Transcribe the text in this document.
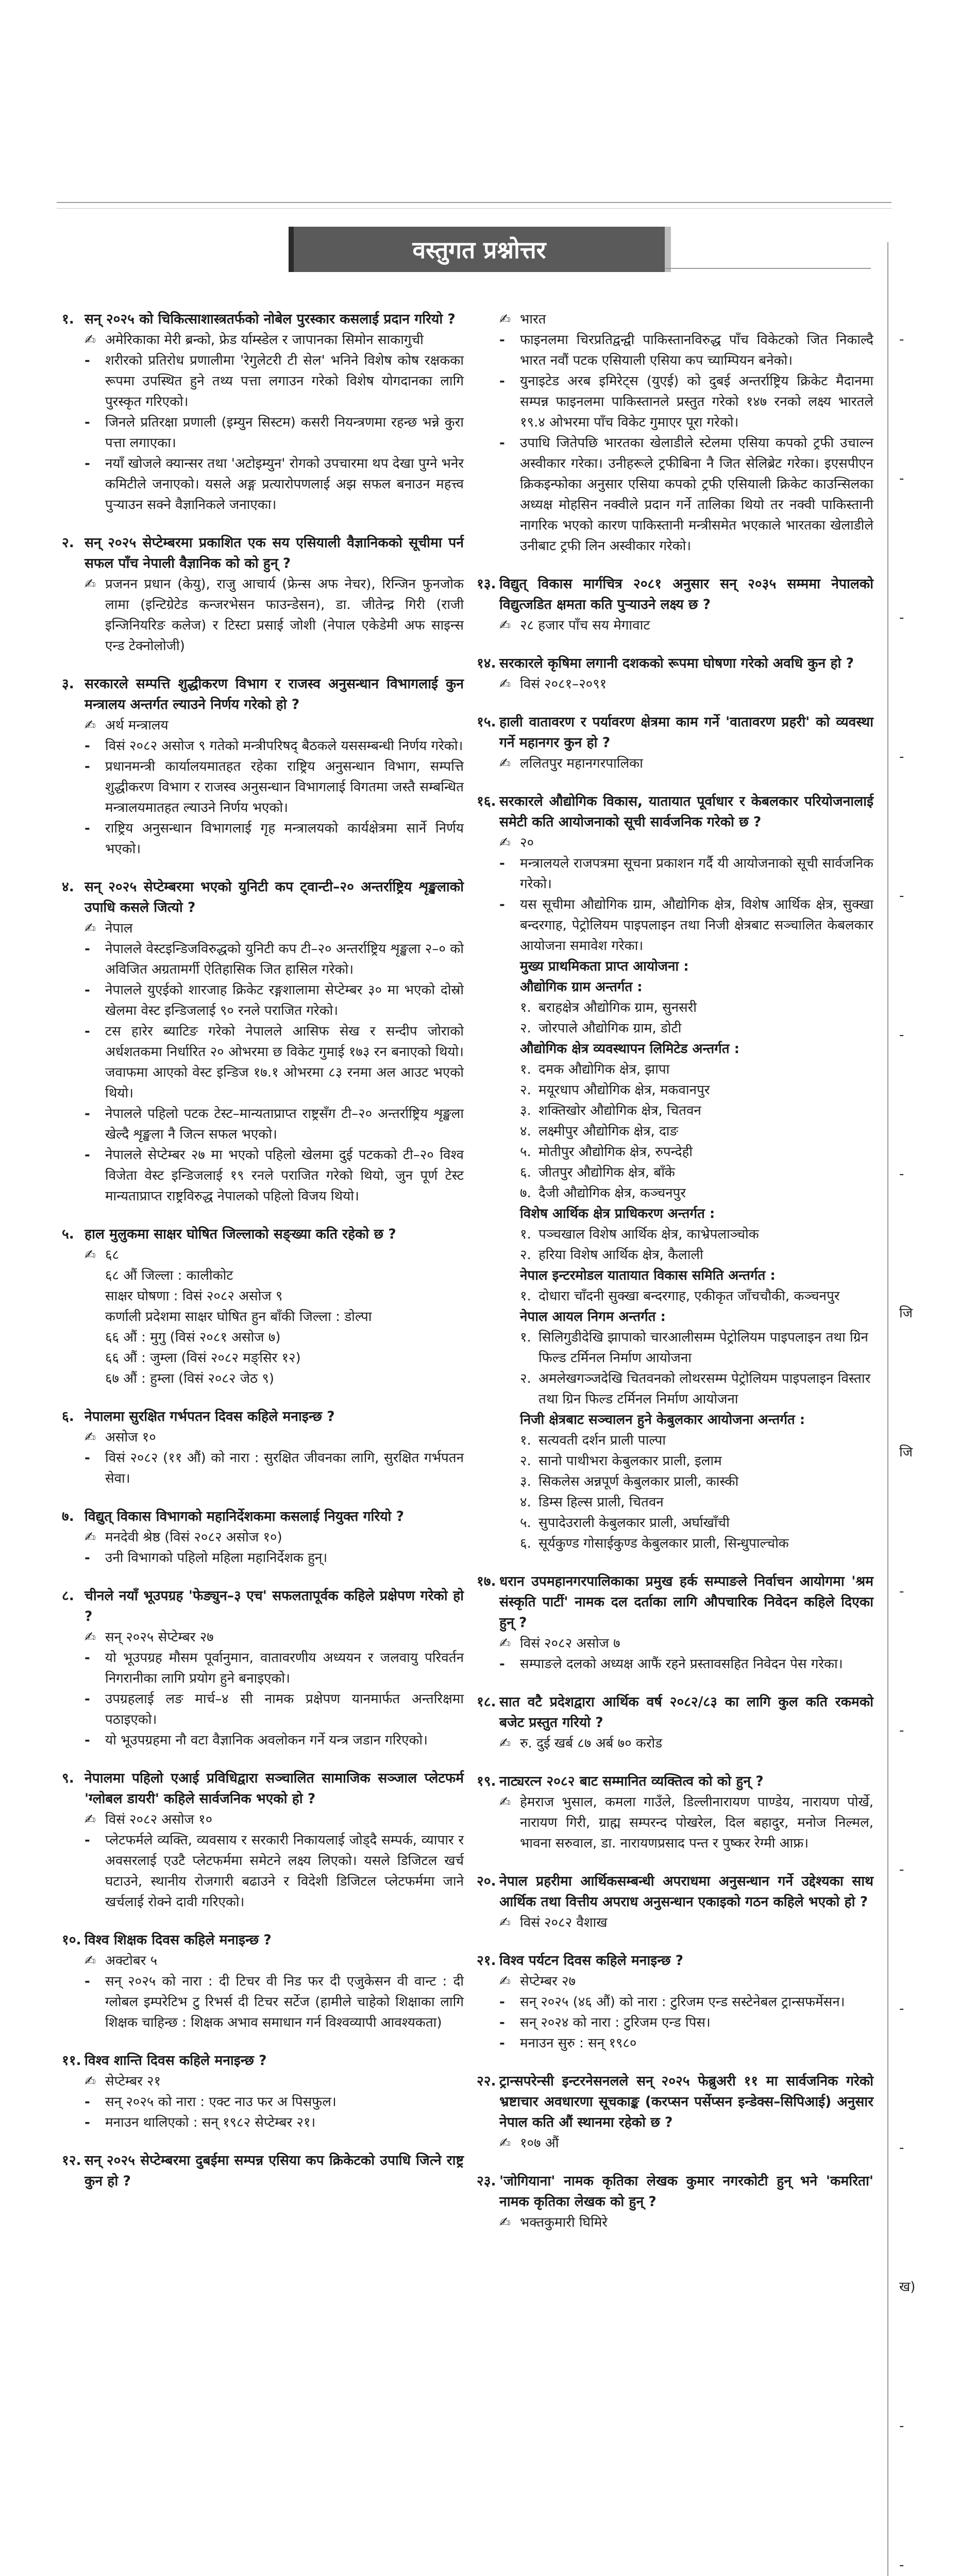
वस्तुगत प्रश्नोत्तर
-
-
-
-
-
-
-
जि
जि
-
-
-
-
-
ख)
-
-
१. सन् २०२५ को चिकित्साशास्त्रतर्फको नोबेल पुरस्कार कसलाई प्रदान गरियो ?
✍ अमेरिकाका मेरी ब्रन्को, फ्रेड र्याम्स्डेल र जापानका सिमोन साकागुची
-	शरीरको प्रतिरोध प्रणालीमा 'रेगुलेटरी टी सेल' भनिने विशेष कोष रक्षकका रूपमा उपस्थित हुने तथ्य पत्ता लगाउन गरेको विशेष योगदानका लागि पुरस्कृत गरिएको।
-	जिनले प्रतिरक्षा प्रणाली (इम्युन सिस्टम) कसरी नियन्त्रणमा रहन्छ भन्ने कुरा पत्ता लगाएका।
-	नयाँ खोजले क्यान्सर तथा 'अटोइम्युन' रोगको उपचारमा थप देखा पुग्ने भनेर कमिटीले जनाएको। यसले अङ्ग प्रत्यारोपणलाई अझ सफल बनाउन महत्त्व पुऱ्याउन सक्ने वैज्ञानिकले जनाएका।
२. सन् २०२५ सेप्टेम्बरमा प्रकाशित एक सय एसियाली वैज्ञानिकको सूचीमा पर्न सफल पाँच नेपाली वैज्ञानिक को को हुन् ?
✍ प्रजनन प्रधान (केयु), राजु आचार्य (फ्रेन्स अफ नेचर), रिन्जिन फुनजोक लामा (इन्टिग्रेटेड कन्जरभेसन फाउन्डेसन), डा. जीतेन्द्र गिरी (राजी इन्जिनियरिङ कलेज) र टिस्टा प्रसाई जोशी (नेपाल एकेडेमी अफ साइन्स एन्ड टेक्नोलोजी)
३. सरकारले सम्पत्ति शुद्धीकरण विभाग र राजस्व अनुसन्धान विभागलाई कुन मन्त्रालय अन्तर्गत ल्याउने निर्णय गरेको हो ?
✍ अर्थ मन्त्रालय
-	विसं २०८२ असोज ९ गतेको मन्त्रीपरिषद् बैठकले यससम्बन्धी निर्णय गरेको।
-	प्रधानमन्त्री कार्यालयमातहत रहेका राष्ट्रिय अनुसन्धान विभाग, सम्पत्ति शुद्धीकरण विभाग र राजस्व अनुसन्धान विभागलाई विगतमा जस्तै सम्बन्धित मन्त्रालयमातहत ल्याउने निर्णय भएको।
-	राष्ट्रिय अनुसन्धान विभागलाई गृह मन्त्रालयको कार्यक्षेत्रमा सार्ने निर्णय भएको।
४. सन् २०२५ सेप्टेम्बरमा भएको युनिटी कप ट्वान्टी–२० अन्तर्राष्ट्रिय शृङ्खलाको उपाधि कसले जित्यो ?
✍ नेपाल
-	नेपालले वेस्टइन्डिजविरुद्धको युनिटी कप टी–२० अन्तर्राष्ट्रिय शृङ्खला २–० को अविजित अग्रतामर्गी ऐतिहासिक जित हासिल गरेको।
-	नेपालले युएईको शारजाह क्रिकेट रङ्गशालामा सेप्टेम्बर ३० मा भएको दोस्रो खेलमा वेस्ट इन्डिजलाई ९० रनले पराजित गरेको।
-	टस हारेर ब्याटिङ गरेको नेपालले आसिफ सेख र सन्दीप जोराको अर्धशतकमा निर्धारित २० ओभरमा छ विकेट गुमाई १७३ रन बनाएको थियो। जवाफमा आएको वेस्ट इन्डिज १७.१ ओभरमा ८३ रनमा अल आउट भएको थियो।
-	नेपालले पहिलो पटक टेस्ट–मान्यताप्राप्त राष्ट्रसँग टी–२० अन्तर्राष्ट्रिय शृङ्खला खेल्दै शृङ्खला नै जित्न सफल भएको।
-	नेपालले सेप्टेम्बर २७ मा भएको पहिलो खेलमा दुई पटकको टी–२० विश्व विजेता वेस्ट इन्डिजलाई १९ रनले पराजित गरेको थियो, जुन पूर्ण टेस्ट मान्यताप्राप्त राष्ट्रविरुद्ध नेपालको पहिलो विजय थियो।
५. हाल मुलुकमा साक्षर घोषित जिल्लाको सङ्ख्या कति रहेको छ ?
✍ ६८
६८ औं जिल्ला : कालीकोट
साक्षर घोषणा : विसं २०८२ असोज ९
कर्णाली प्रदेशमा साक्षर घोषित हुन बाँकी जिल्ला : डोल्पा
६६ औं : मुगु (विसं २०८१ असोज ७)
६६ औं : जुम्ला (विसं २०८२ मङ्सिर १२)
६७ औं : हुम्ला (विसं २०८२ जेठ ९)
६. नेपालमा सुरक्षित गर्भपतन दिवस कहिले मनाइन्छ ?
✍ असोज १०
-	विसं २०८२ (११ औं) को नारा : सुरक्षित जीवनका लागि, सुरक्षित गर्भपतन सेवा।
७. विद्युत् विकास विभागको महानिर्देशकमा कसलाई नियुक्त गरियो ?
✍ मनदेवी श्रेष्ठ (विसं २०८२ असोज १०)
-	उनी विभागको पहिलो महिला महानिर्देशक हुन्।
८. चीनले नयाँ भूउपग्रह 'फेङ्युन–३ एच' सफलतापूर्वक कहिले प्रक्षेपण गरेको हो ?
✍ सन् २०२५ सेप्टेम्बर २७
-	यो भूउपग्रह मौसम पूर्वानुमान, वातावरणीय अध्ययन र जलवायु परिवर्तन निगरानीका लागि प्रयोग हुने बनाइएको।
-	उपग्रहलाई लङ मार्च–४ सी नामक प्रक्षेपण यानमार्फत अन्तरिक्षमा पठाइएको।
-	यो भूउपग्रहमा नौ वटा वैज्ञानिक अवलोकन गर्ने यन्त्र जडान गरिएको।
९. नेपालमा पहिलो एआई प्रविधिद्वारा सञ्चालित सामाजिक सञ्जाल प्लेटफर्म 'ग्लोबल डायरी' कहिले सार्वजनिक भएको हो ?
✍ विसं २०८२ असोज १०
-	प्लेटफर्मले व्यक्ति, व्यवसाय र सरकारी निकायलाई जोड्दै सम्पर्क, व्यापार र अवसरलाई एउटै प्लेटफर्ममा समेटने लक्ष्य लिएको। यसले डिजिटल खर्च घटाउने, स्थानीय रोजगारी बढाउने र विदेशी डिजिटल प्लेटफर्ममा जाने खर्चलाई रोक्ने दावी गरिएको।
१०. विश्व शिक्षक दिवस कहिले मनाइन्छ ?
✍ अक्टोबर ५
-	सन् २०२५ को नारा : दी टिचर वी निड फर दी एजुकेसन वी वान्ट : दी ग्लोबल इम्परेटिभ टु रिभर्स दी टिचर सर्टेज (हामीले चाहेको शिक्षाका लागि शिक्षक चाहिन्छ : शिक्षक अभाव समाधान गर्न विश्वव्यापी आवश्यकता)
११. विश्व शान्ति दिवस कहिले मनाइन्छ ?
✍ सेप्टेम्बर २१
-	सन् २०२५ को नारा : एक्ट नाउ फर अ पिसफुल।
-	मनाउन थालिएको : सन् १९८२ सेप्टेम्बर २१।
१२. सन् २०२५ सेप्टेम्बरमा दुबईमा सम्पन्न एसिया कप क्रिकेटको उपाधि जित्ने राष्ट्र कुन हो ?
✍ भारत
-	फाइनलमा चिरप्रतिद्वन्द्वी पाकिस्तानविरुद्ध पाँच विकेटको जित निकाल्दै भारत नवौं पटक एसियाली एसिया कप च्याम्पियन बनेको।
-	युनाइटेड अरब इमिरेट्स (युएई) को दुबई अन्तर्राष्ट्रिय क्रिकेट मैदानमा सम्पन्न फाइनलमा पाकिस्तानले प्रस्तुत गरेको १४७ रनको लक्ष्य भारतले १९.४ ओभरमा पाँच विकेट गुमाएर पूरा गरेको।
-	उपाधि जितेपछि भारतका खेलाडीले स्टेलमा एसिया कपको ट्रफी उचाल्न अस्वीकार गरेका। उनीहरूले ट्रफीबिना नै जित सेलिब्रेट गरेका। इएसपीएन क्रिकइन्फोका अनुसार एसिया कपको ट्रफी एसियाली क्रिकेट काउन्सिलका अध्यक्ष मोहसिन नक्वीले प्रदान गर्ने तालिका थियो तर नक्वी पाकिस्तानी नागरिक भएको कारण पाकिस्तानी मन्त्रीसमेत भएकाले भारतका खेलाडीले उनीबाट ट्रफी लिन अस्वीकार गरेको।
१३. विद्युत् विकास मार्गचित्र २०८१ अनुसार सन् २०३५ सम्ममा नेपालको विद्युत्जडित क्षमता कति पुऱ्याउने लक्ष्य छ ?
✍ २८ हजार पाँच सय मेगावाट
१४. सरकारले कृषिमा लगानी दशकको रूपमा घोषणा गरेको अवधि कुन हो ?
✍ विसं २०८१–२०९१
१५. हाली वातावरण र पर्यावरण क्षेत्रमा काम गर्ने 'वातावरण प्रहरी' को व्यवस्था गर्ने महानगर कुन हो ?
✍ ललितपुर महानगरपालिका
१६. सरकारले औद्योगिक विकास, यातायात पूर्वाधार र केबलकार परियोजनालाई समेटी कति आयोजनाको सूची सार्वजनिक गरेको छ ?
✍ २०
-	मन्त्रालयले राजपत्रमा सूचना प्रकाशन गर्दै यी आयोजनाको सूची सार्वजनिक गरेको।
-	यस सूचीमा औद्योगिक ग्राम, औद्योगिक क्षेत्र, विशेष आर्थिक क्षेत्र, सुक्खा बन्दरगाह, पेट्रोलियम पाइपलाइन तथा निजी क्षेत्रबाट सञ्चालित केबलकार आयोजना समावेश गरेका।
मुख्य प्राथमिकता प्राप्त आयोजना :
औद्योगिक ग्राम अन्तर्गत :
१. बराहक्षेत्र औद्योगिक ग्राम, सुनसरी
२. जोरपाले औद्योगिक ग्राम, डोटी
औद्योगिक क्षेत्र व्यवस्थापन लिमिटेड अन्तर्गत :
१. दमक औद्योगिक क्षेत्र, झापा
२. मयूरधाप औद्योगिक क्षेत्र, मकवानपुर
३. शक्तिखोर औद्योगिक क्षेत्र, चितवन
४. लक्ष्मीपुर औद्योगिक क्षेत्र, दाङ
५. मोतीपुर औद्योगिक क्षेत्र, रुपन्देही
६. जीतपुर औद्योगिक क्षेत्र, बाँके
७. दैजी औद्योगिक क्षेत्र, कञ्चनपुर
विशेष आर्थिक क्षेत्र प्राधिकरण अन्तर्गत :
१. पञ्चखाल विशेष आर्थिक क्षेत्र, काभ्रेपलाञ्चोक
२. हरिया विशेष आर्थिक क्षेत्र, कैलाली
नेपाल इन्टरमोडल यातायात विकास समिति अन्तर्गत :
१. दोधारा चाँदनी सुक्खा बन्दरगाह, एकीकृत जाँचचौकी, कञ्चनपुर
नेपाल आयल निगम अन्तर्गत :
१. सिलिगुडीदेखि झापाको चारआलीसम्म पेट्रोलियम पाइपलाइन तथा ग्रिन फिल्ड टर्मिनल निर्माण आयोजना
२. अमलेखगञ्जदेखि चितवनको लोथरसम्म पेट्रोलियम पाइपलाइन विस्तार तथा ग्रिन फिल्ड टर्मिनल निर्माण आयोजना
निजी क्षेत्रबाट सञ्चालन हुने केबुलकार आयोजना अन्तर्गत :
१. सत्यवती दर्शन प्राली पाल्पा
२. सानो पाथीभरा केबुलकार प्राली, इलाम
३. सिकलेस अन्नपूर्ण केबुलकार प्राली, कास्की
४. डिम्स हिल्स प्राली, चितवन
५. सुपादेउराली केबुलकार प्राली, अर्घाखाँची
६. सूर्यकुण्ड गोसाईकुण्ड केबुलकार प्राली, सिन्धुपाल्चोक
१७. धरान उपमहानगरपालिकाका प्रमुख हर्क सम्पाङले निर्वाचन आयोगमा 'श्रम संस्कृति पार्टी' नामक दल दर्ताका लागि औपचारिक निवेदन कहिले दिएका हुन् ?
✍ विसं २०८२ असोज ७
-	सम्पाङले दलको अध्यक्ष आफैं रहने प्रस्तावसहित निवेदन पेस गरेका।
१८. सात वटै प्रदेशद्वारा आर्थिक वर्ष २०८२/८३ का लागि कुल कति रकमको बजेट प्रस्तुत गरियो ?
✍ रु. दुई खर्ब ८७ अर्ब ७० करोड
१९. नाट्यरत्न २०८२ बाट सम्मानित व्यक्तित्व को को हुन् ?
✍ हेमराज भुसाल, कमला गाउँले, डिल्लीनारायण पाण्डेय, नारायण पोर्खे, नारायण गिरी, ग्राह्म सम्परन्द पोखरेल, दिल बहादुर, मनोज निल्मल, भावना सरुवाल, डा. नारायणप्रसाद पन्त र पुष्कर रेग्मी आफ्र।
२०. नेपाल प्रहरीमा आर्थिकसम्बन्धी अपराधमा अनुसन्धान गर्ने उद्देश्यका साथ आर्थिक तथा वित्तीय अपराध अनुसन्धान एकाइको गठन कहिले भएको हो ?
✍ विसं २०८२ वैशाख
२१. विश्व पर्यटन दिवस कहिले मनाइन्छ ?
✍ सेप्टेम्बर २७
-	सन् २०२५ (४६ औं) को नारा : टुरिजम एन्ड सस्टेनेबल ट्रान्सफर्मेसन।
-	सन् २०२४ को नारा : टुरिजम एन्ड पिस।
-	मनाउन सुरु : सन् १९८०
२२. ट्रान्सपरेन्सी इन्टरनेसनलले सन् २०२५ फेब्रुअरी ११ मा सार्वजनिक गरेको भ्रष्टाचार अवधारणा सूचकाङ्क (करप्सन पर्सेप्सन इन्डेक्स–सिपिआई) अनुसार नेपाल कति औं स्थानमा रहेको छ ?
✍ १०७ औं
२३. 'जोगियाना' नामक कृतिका लेखक कुमार नगरकोटी हुन् भने 'कमरिता' नामक कृतिका लेखक को हुन् ?
✍ भक्तकुमारी घिमिरे
